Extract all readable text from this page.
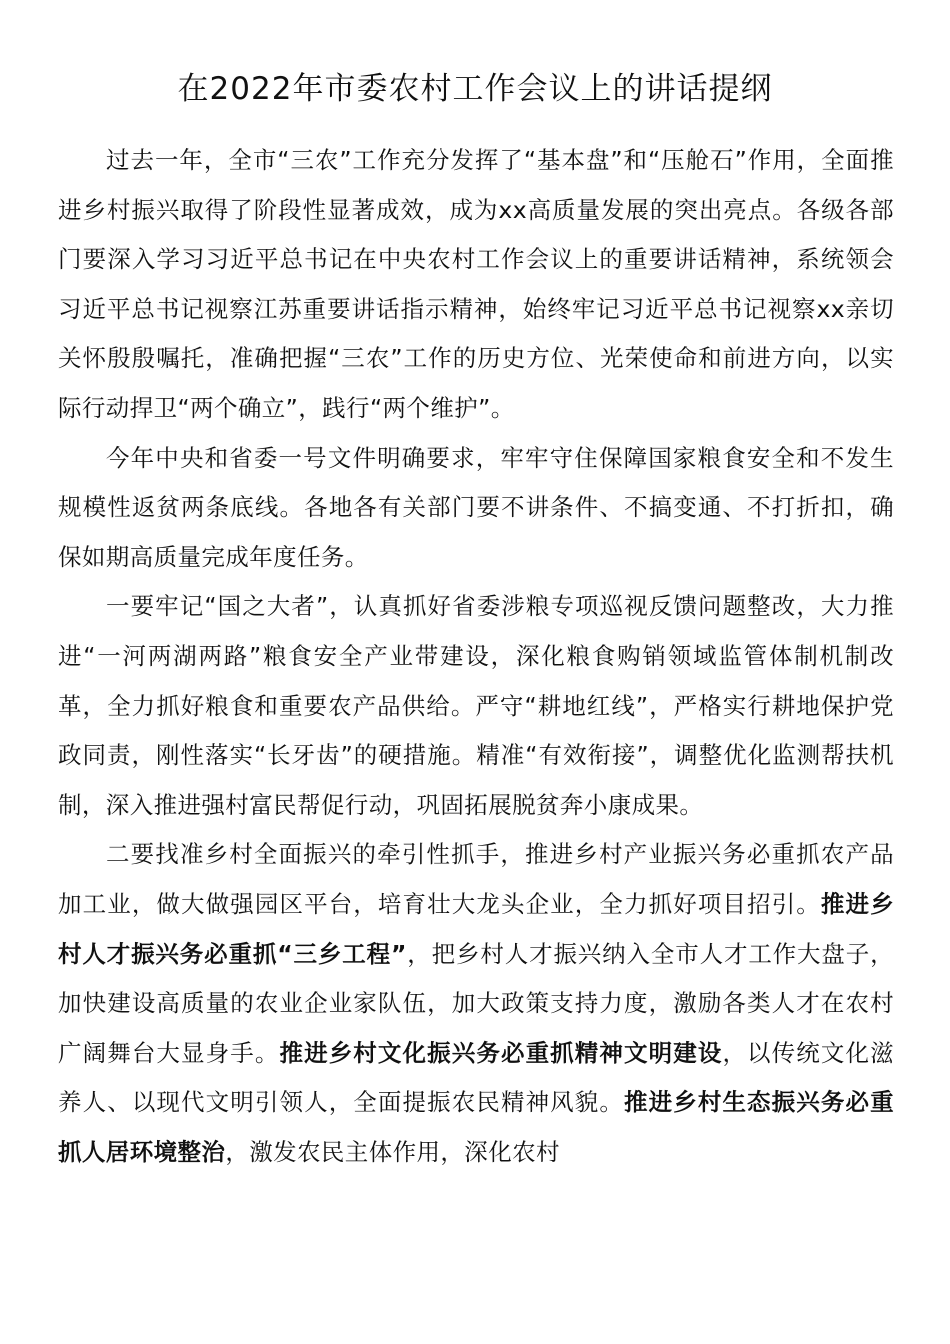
在2022年市委农村工作会议上的讲话提纲

过去一年，全市“三农”工作充分发挥了“基本盘”和“压舱石”作用，全面推进乡村振兴取得了阶段性显著成效，成为xx高质量发展的突出亮点。各级各部门要深入学习习近平总书记在中央农村工作会议上的重要讲话精神，系统领会习近平总书记视察江苏重要讲话指示精神，始终牢记习近平总书记视察xx亲切关怀殷殷嘱托，准确把握“三农”工作的历史方位、光荣使命和前进方向，以实际行动捍卫“两个确立”，践行“两个维护”。

今年中央和省委一号文件明确要求，牢牢守住保障国家粮食安全和不发生规模性返贫两条底线。各地各有关部门要不讲条件、不搞变通、不打折扣，确保如期高质量完成年度任务。

一要牢记“国之大者”，认真抓好省委涉粮专项巡视反馈问题整改，大力推进“一河两湖两路”粮食安全产业带建设，深化粮食购销领域监管体制机制改革，全力抓好粮食和重要农产品供给。严守“耕地红线”，严格实行耕地保护党政同责，刚性落实“长牙齿”的硬措施。精准“有效衔接”，调整优化监测帮扶机制，深入推进强村富民帮促行动，巩固拓展脱贫奔小康成果。

二要找准乡村全面振兴的牵引性抓手，推进乡村产业振兴务必重抓农产品加工业，做大做强园区平台，培育壮大龙头企业，全力抓好项目招引。推进乡村人才振兴务必重抓“三乡工程”，把乡村人才振兴纳入全市人才工作大盘子，加快建设高质量的农业企业家队伍，加大政策支持力度，激励各类人才在农村广阔舞台大显身手。推进乡村文化振兴务必重抓精神文明建设，以传统文化滋养人、以现代文明引领人，全面提振农民精神风貌。推进乡村生态振兴务必重抓人居环境整治，激发农民主体作用，深化农村
